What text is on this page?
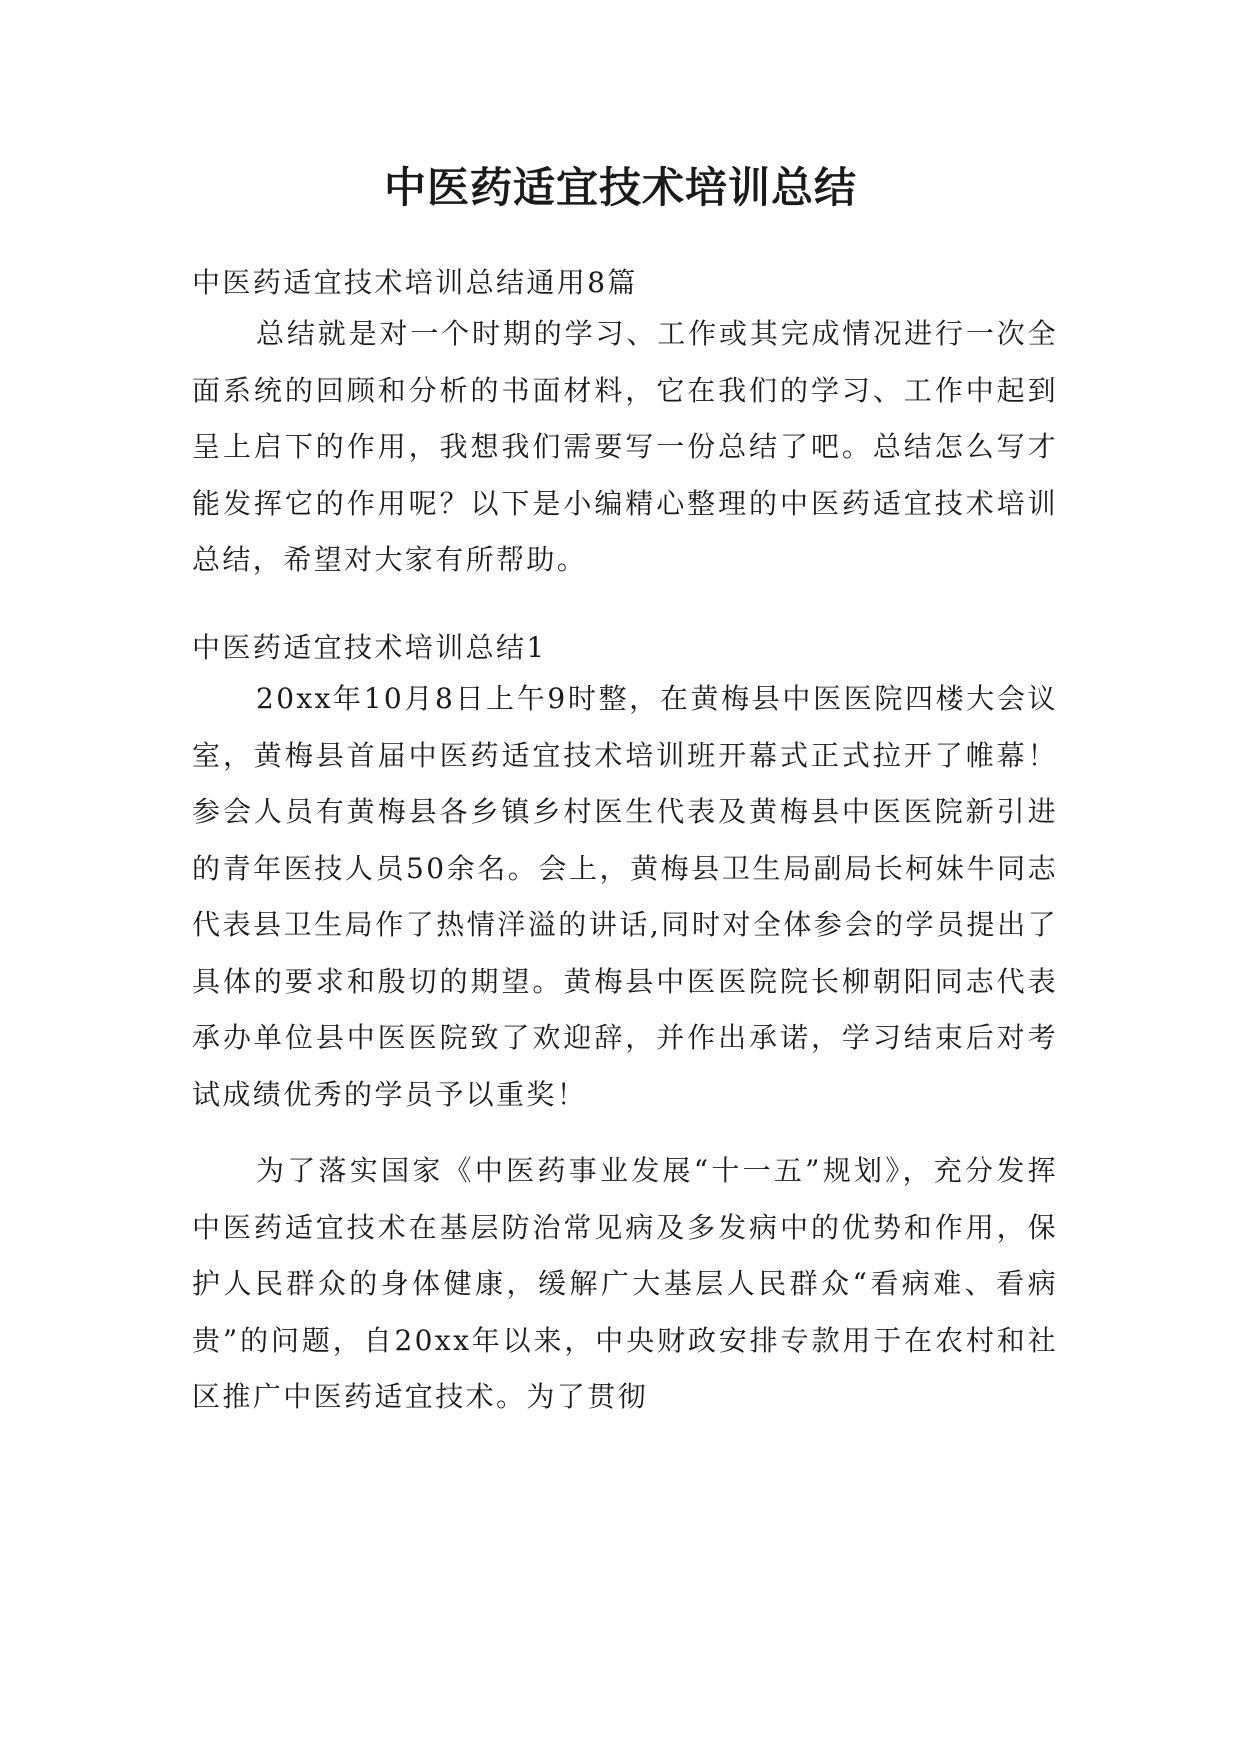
中医药适宜技术培训总结

中医药适宜技术培训总结通用8篇

总结就是对一个时期的学习、工作或其完成情况进行一次全面系统的回顾和分析的书面材料，它在我们的学习、工作中起到呈上启下的作用，我想我们需要写一份总结了吧。总结怎么写才能发挥它的作用呢？以下是小编精心整理的中医药适宜技术培训总结，希望对大家有所帮助。

中医药适宜技术培训总结1

20xx年10月8日上午9时整，在黄梅县中医医院四楼大会议室，黄梅县首届中医药适宜技术培训班开幕式正式拉开了帷幕！参会人员有黄梅县各乡镇乡村医生代表及黄梅县中医医院新引进的青年医技人员50余名。会上，黄梅县卫生局副局长柯妹牛同志代表县卫生局作了热情洋溢的讲话,同时对全体参会的学员提出了具体的要求和殷切的期望。黄梅县中医医院院长柳朝阳同志代表承办单位县中医医院致了欢迎辞，并作出承诺，学习结束后对考试成绩优秀的学员予以重奖！

为了落实国家《中医药事业发展“十一五”规划》，充分发挥中医药适宜技术在基层防治常见病及多发病中的优势和作用，保护人民群众的身体健康，缓解广大基层人民群众“看病难、看病贵”的问题，自20xx年以来，中央财政安排专款用于在农村和社区推广中医药适宜技术。为了贯彻
